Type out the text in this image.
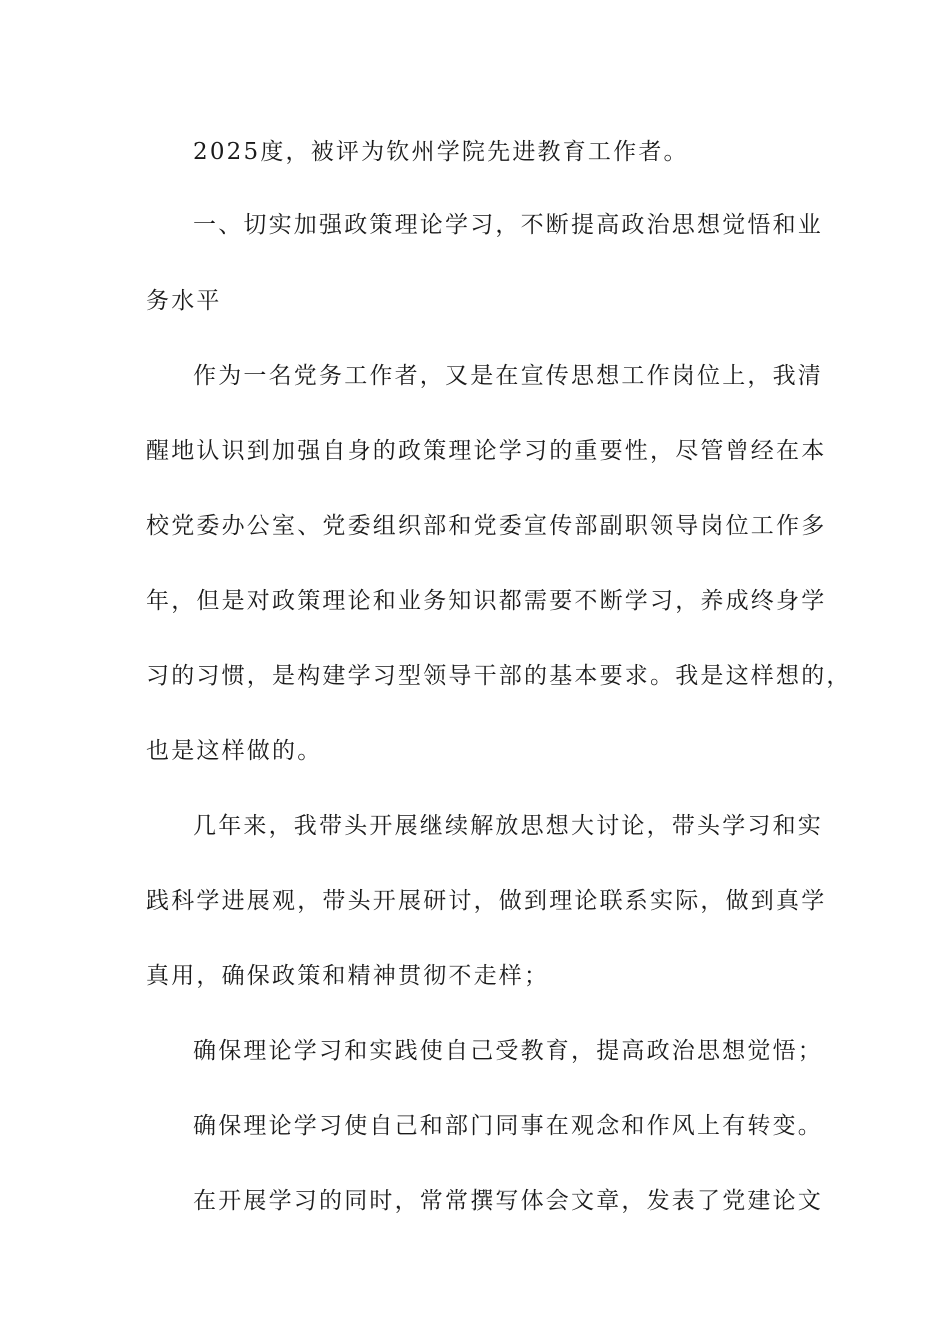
2025度，被评为钦州学院先进教育工作者。
一、切实加强政策理论学习，不断提高政治思想觉悟和业
务水平
作为一名党务工作者，又是在宣传思想工作岗位上，我清
醒地认识到加强自身的政策理论学习的重要性，尽管曾经在本
校党委办公室、党委组织部和党委宣传部副职领导岗位工作多
年，但是对政策理论和业务知识都需要不断学习，养成终身学
习的习惯，是构建学习型领导干部的基本要求。我是这样想的，
也是这样做的。
几年来，我带头开展继续解放思想大讨论，带头学习和实
践科学进展观，带头开展研讨，做到理论联系实际，做到真学
真用，确保政策和精神贯彻不走样；
确保理论学习和实践使自己受教育，提高政治思想觉悟；
确保理论学习使自己和部门同事在观念和作风上有转变。
在开展学习的同时，常常撰写体会文章，发表了党建论文
